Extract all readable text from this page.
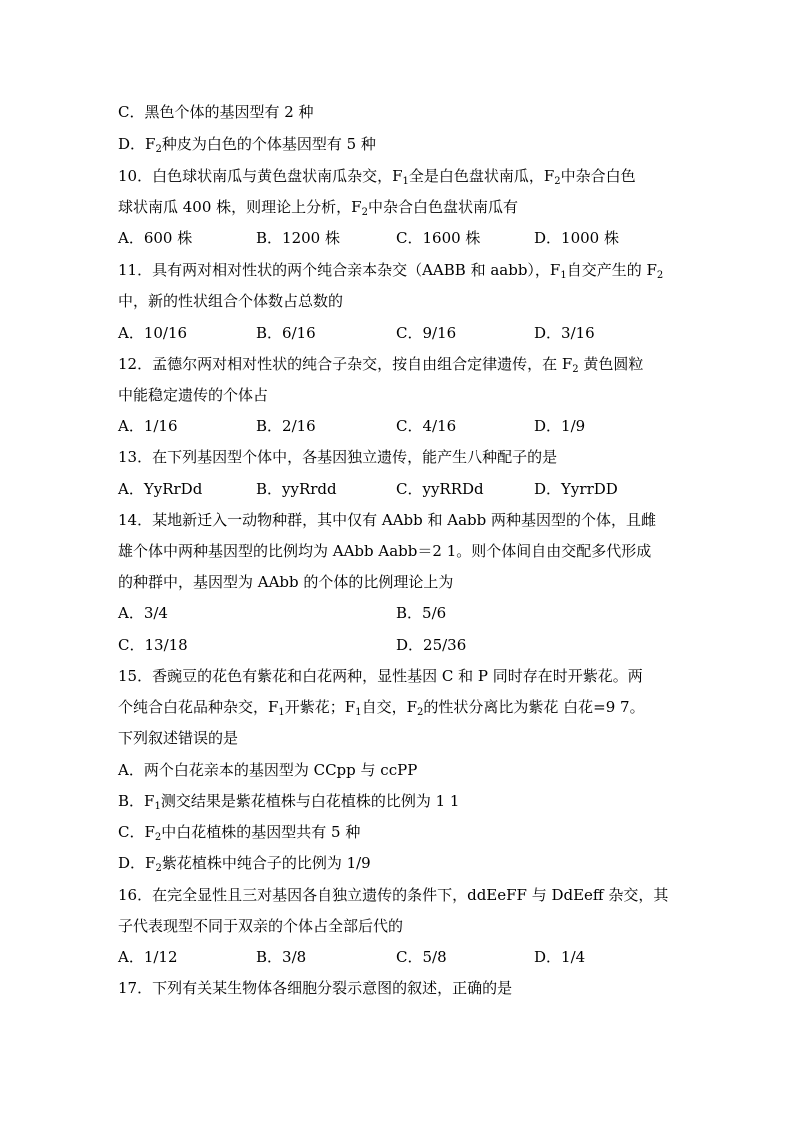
C．黑色个体的基因型有 2 种
D．$F_2$种皮为白色的个体基因型有 5 种
10．白色球状南瓜与黄色盘状南瓜杂交，$F_1$全是白色盘状南瓜，$F_2$中杂合白色
球状南瓜 400 株，则理论上分析，$F_2$中杂合白色盘状南瓜有
A．600 株	B．1200 株	C．1600 株	D．1000 株
11．具有两对相对性状的两个纯合亲本杂交（AABB 和 aabb），$F_1$自交产生的 $F_2$
中，新的性状组合个体数占总数的
A．10/16	B．6/16	C．9/16	D．3/16
12．孟德尔两对相对性状的纯合子杂交，按自由组合定律遗传，在 $F_2$ 黄色圆粒
中能稳定遗传的个体占
A．1/16	B．2/16	C．4/16	D．1/9
13．在下列基因型个体中，各基因独立遗传，能产生八种配子的是
A．YyRrDd	B．yyRrdd	C．yyRRDd	D．YyrrDD
14．某地新迁入一动物种群，其中仅有 AAbb 和 Aabb 两种基因型的个体，且雌
雄个体中两种基因型的比例均为 AAbb Aabb＝2 1。则个体间自由交配多代形成
的种群中，基因型为 AAbb 的个体的比例理论上为
A．3/4	B．5/6
C．13/18	D．25/36
15．香豌豆的花色有紫花和白花两种，显性基因 C 和 P 同时存在时开紫花。两
个纯合白花品种杂交，$F_1$开紫花；$F_1$自交，$F_2$的性状分离比为紫花 白花=9 7。
下列叙述错误的是
A．两个白花亲本的基因型为 CCpp 与 ccPP
B．$F_1$测交结果是紫花植株与白花植株的比例为 1 1
C．$F_2$中白花植株的基因型共有 5 种
D．$F_2$紫花植株中纯合子的比例为 1/9
16．在完全显性且三对基因各自独立遗传的条件下，ddEeFF 与 DdEeff 杂交，其
子代表现型不同于双亲的个体占全部后代的
A．1/12	B．3/8	C．5/8	D．1/4
17．下列有关某生物体各细胞分裂示意图的叙述，正确的是
